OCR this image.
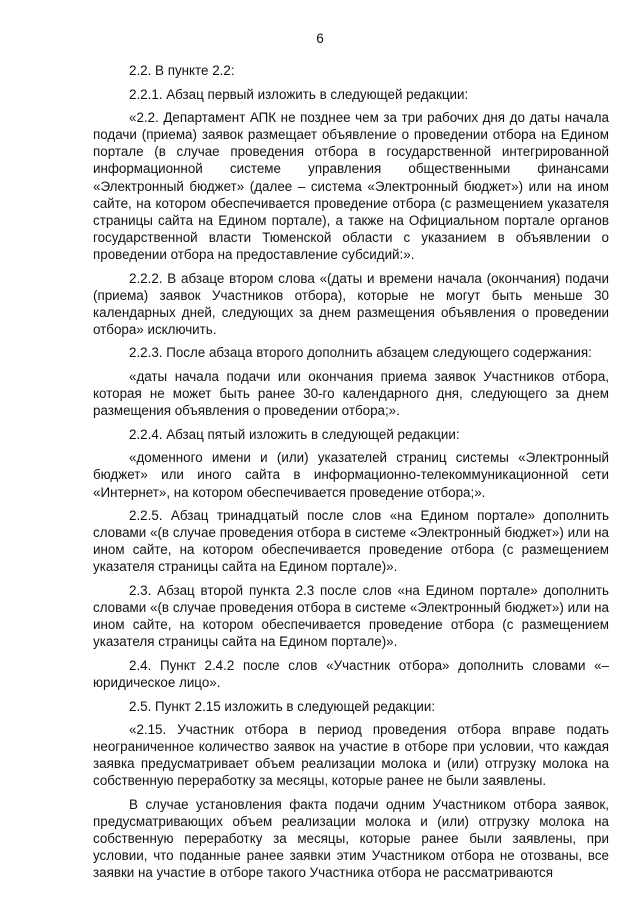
6

2.2. В пункте 2.2:

2.2.1. Абзац первый изложить в следующей редакции:

«2.2. Департамент АПК не позднее чем за три рабочих дня до даты начала подачи (приема) заявок размещает объявление о проведении отбора на Едином портале (в случае проведения отбора в государственной интегрированной информационной системе управления общественными финансами «Электронный бюджет» (далее – система «Электронный бюджет») или на ином сайте, на котором обеспечивается проведение отбора (с размещением указателя страницы сайта на Едином портале), а также на Официальном портале органов государственной власти Тюменской области с указанием в объявлении о проведении отбора на предоставление субсидий:».

2.2.2. В абзаце втором слова «(даты и времени начала (окончания) подачи (приема) заявок Участников отбора), которые не могут быть меньше 30 календарных дней, следующих за днем размещения объявления о проведении отбора» исключить.

2.2.3. После абзаца второго дополнить абзацем следующего содержания:

«даты начала подачи или окончания приема заявок Участников отбора, которая не может быть ранее 30-го календарного дня, следующего за днем размещения объявления о проведении отбора;».

2.2.4. Абзац пятый изложить в следующей редакции:

«доменного имени и (или) указателей страниц системы «Электронный бюджет» или иного сайта в информационно-телекоммуникационной сети «Интернет», на котором обеспечивается проведение отбора;».

2.2.5. Абзац тринадцатый после слов «на Едином портале» дополнить словами «(в случае проведения отбора в системе «Электронный бюджет») или на ином сайте, на котором обеспечивается проведение отбора (с размещением указателя страницы сайта на Едином портале)».

2.3. Абзац второй пункта 2.3 после слов «на Едином портале» дополнить словами «(в случае проведения отбора в системе «Электронный бюджет») или на ином сайте, на котором обеспечивается проведение отбора (с размещением указателя страницы сайта на Едином портале)».

2.4. Пункт 2.4.2 после слов «Участник отбора» дополнить словами «– юридическое лицо».

2.5. Пункт 2.15 изложить в следующей редакции:

«2.15. Участник отбора в период проведения отбора вправе подать неограниченное количество заявок на участие в отборе при условии, что каждая заявка предусматривает объем реализации молока и (или) отгрузку молока на собственную переработку за месяцы, которые ранее не были заявлены.

В случае установления факта подачи одним Участником отбора заявок, предусматривающих объем реализации молока и (или) отгрузку молока на собственную переработку за месяцы, которые ранее были заявлены, при условии, что поданные ранее заявки этим Участником отбора не отозваны, все заявки на участие в отборе такого Участника отбора не рассматриваются
